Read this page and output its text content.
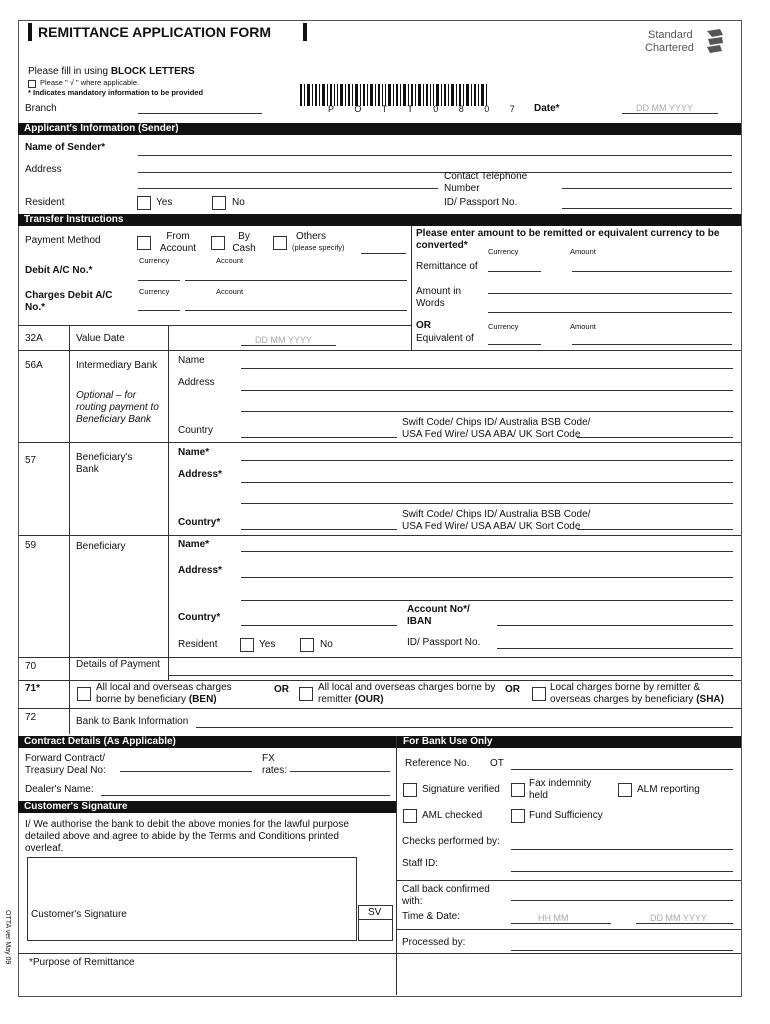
REMITTANCE APPLICATION FORM	Standard
Chartered
Please fill in using BLOCK LETTERS
Please " √ " where applicable.
* Indicates mandatory information to be provided
Branch	P O T T 0 8 0 7 Date*	DD MM YYYY
Applicant's Information (Sender)
Name of Sender*
Address
Contact Telephone Number
Resident	Yes	No	ID/ Passport No.
Transfer Instructions
Payment Method	From Account
By Cash
Others
(please specify)
Currency	Account
Debit A/C No.*
Currency	Account
Charges Debit A/C No.*
Please enter amount to be remitted or equivalent currency to be converted*
Currency	Amount
Remittance of
Amount in Words
OR	Currency	Amount
Equivalent of
32A	Value Date	DD MM YYYY
56A	Intermediary Bank
Optional – for routing payment to Beneficiary Bank
Name
Address
Country
Swift Code/ Chips ID/ Australia BSB Code/ USA Fed Wire/ USA ABA/ UK Sort Code
57	Beneficiary's Bank
Name*
Address*
Country*
Swift Code/ Chips ID/ Australia BSB Code/ USA Fed Wire/ USA ABA/ UK Sort Code
59	Beneficiary	Name*
Address*
Country*
Account No*/ IBAN
Resident	Yes	No	ID/ Passport No.
70	Details of Payment
71*	All local and overseas charges borne by beneficiary (BEN)
OR	All local and overseas charges borne by remitter (OUR)
OR	Local charges borne by remitter & overseas charges by beneficiary (SHA)
72	Bank to Bank Information
Contract Details (As Applicable)
Forward Contract/ Treasury Deal No:
FX rates:
Dealer's Name:
Customer's Signature
I/ We authorise the bank to debit the above monies for the lawful purpose detailed above and agree to abide by the Terms and Conditions printed overleaf.
Customer's Signature	SV
OTTA ver May 09 *Purpose of Remittance
For Bank Use Only
Reference No. OT
Signature verified
Fax indemnity held
ALM reporting
AML checked	Fund Sufficiency
Checks performed by:
Staff ID:
Call back confirmed with:
Time & Date:	HH MM	DD MM YYYY
Processed by:
